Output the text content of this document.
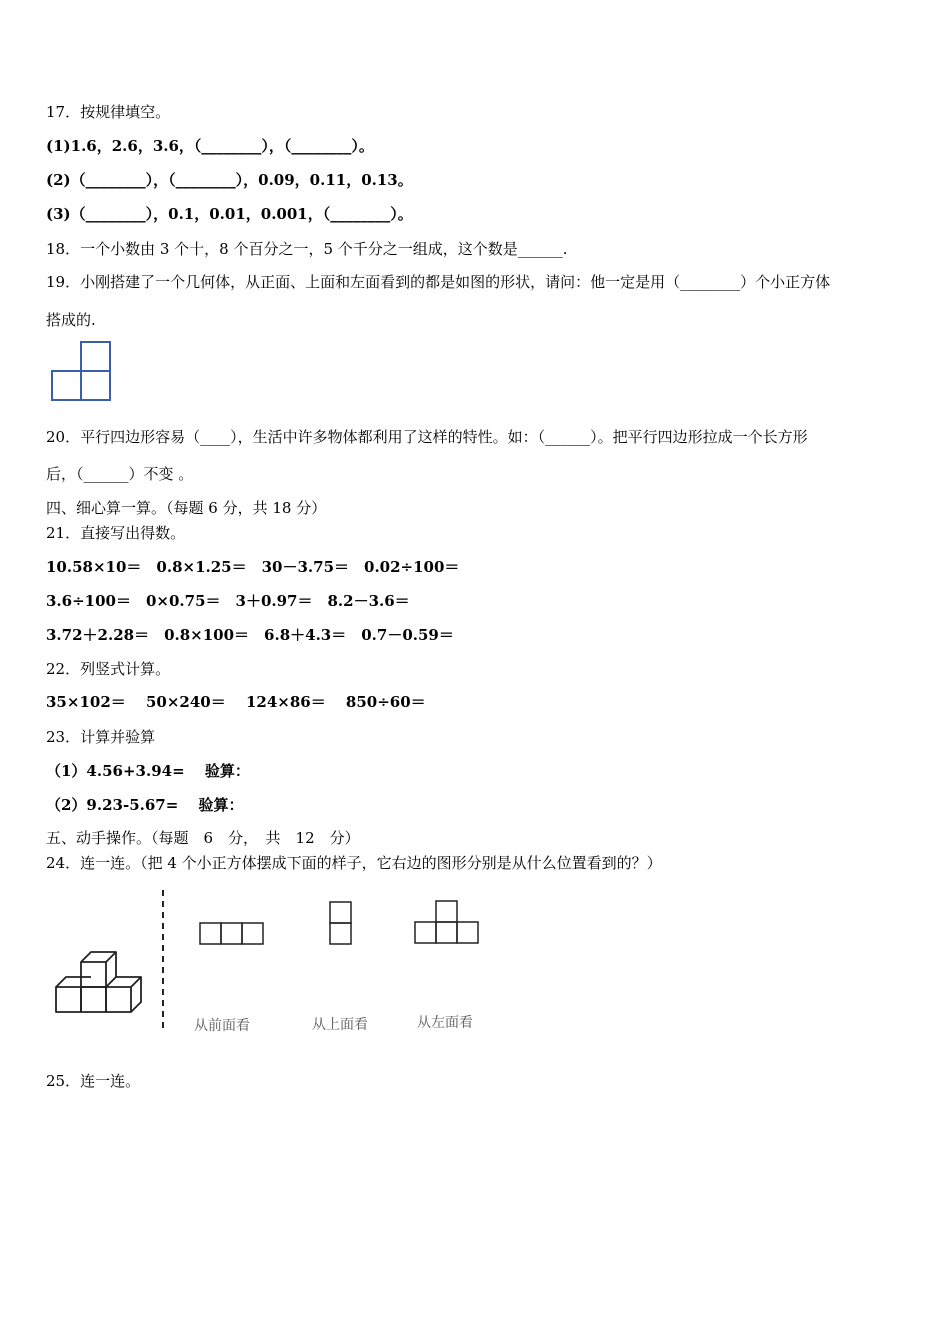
17．按规律填空。
(1)1.6，2.6，3.6，（________），（________）。
(2)（________），（________），0.09，0.11，0.13。
(3)（________），0.1，0.01，0.001，（________）。
18．一个小数由 3 个十，8 个百分之一，5 个千分之一组成，这个数是______.
19．小刚搭建了一个几何体，从正面、上面和左面看到的都是如图的形状，请问：他一定是用（________）个小正方体
搭成的.
20．平行四边形容易（____），生活中许多物体都利用了这样的特性。如：（______）。把平行四边形拉成一个长方形
后，（______）不变 。
四、细心算一算。（每题 6 分，共 18 分）
21．直接写出得数。
10.58×10＝　0.8×1.25＝　30－3.75＝　0.02÷100＝
3.6÷100＝　0×0.75＝　3＋0.97＝　8.2－3.6＝
3.72＋2.28＝　0.8×100＝　6.8＋4.3＝　0.7－0.59＝
22．列竖式计算。
35×102＝　 50×240＝　 124×86＝　 850÷60＝
23．计算并验算
（1）4.56+3.94=　 验算：
（2）9.23-5.67=　 验算：
五、动手操作。（每题　6　分，　共　12　分）
24．连一连。（把 4 个小正方体摆成下面的样子，它右边的图形分别是从什么位置看到的？）
从前面看	从上面看	从左面看
25．连一连。
